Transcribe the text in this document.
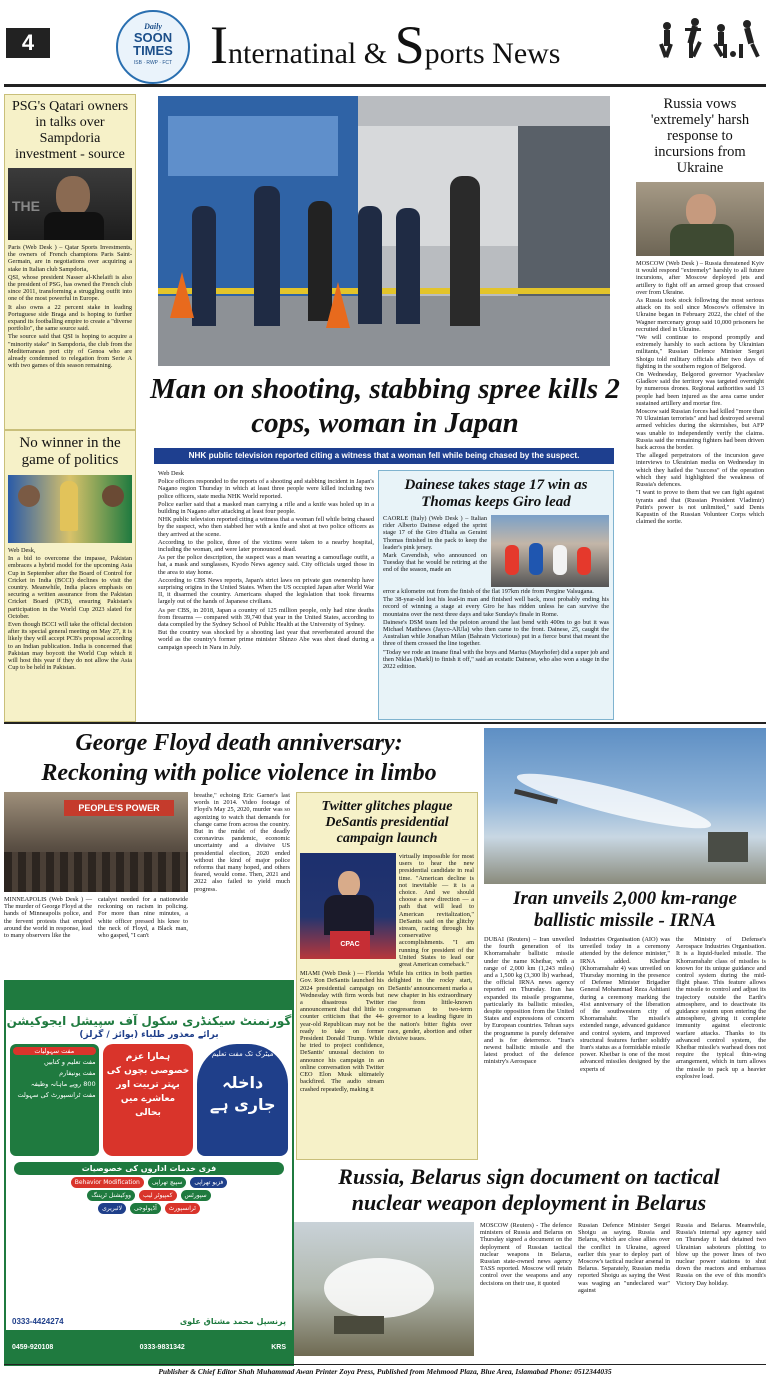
4
Daily
SOON TIMES
ISB · RWP · FCT Internatinal & Sports News
PSG's Qatari owners in talks over Sampdoria investment - source
THE

Paris (Web Desk ) – Qatar Sports Investments, the owners of French champions Paris Saint-Germain, are in negotiations over acquiring a stake in Italian club Sampdoria,

QSI, whose president Nasser al-Khelaifi is also the president of PSG, has owned the French club since 2011, transforming a struggling outfit into one of the most powerful in Europe.

It also owns a 22 percent stake in leading Portuguese side Braga and is hoping to further expand its footballing empire to create a "diverse portfolio", the same source said.

The source said that QSI is hoping to acquire a "minority stake" in Sampdoria, the club from the Mediterranean port city of Genoa who are already condemned to relegation from Serie A with two games of this season remaining.

No winner in the game of politics

Web Desk,

In a bid to overcome the impasse, Pakistan embraces a hybrid model for the upcoming Asia Cup in September after the Board of Control for Cricket in India (BCCI) declines to visit the country. Meanwhile, India places emphasis on securing a written assurance from the Pakistan Cricket Board (PCB), ensuring Pakistan's participation in the World Cup 2023 slated for October.

Even though BCCI will take the official decision after its special general meeting on May 27, it is likely they will accept PCB's proposal according to an Indian publication. India is concerned that Pakistan may boycott the World Cup which it will host this year if they do not allow the Asia Cup to be held in Pakistan.

Man on shooting, stabbing spree kills 2 cops, woman in Japan
NHK public television reported citing a witness that a woman fell while being chased by the suspect.

Web Desk

Police officers responded to the reports of a shooting and stabbing incident in Japan's Nagano region Thursday in which at least three people were killed including two police officers, state media NHK World reported.

Police earlier said that a masked man carrying a rifle and a knife was holed up in a building in Nagano after attacking at least four people.

NHK public television reported citing a witness that a woman fell while being chased by the suspect, who then stabbed her with a knife and shot at two police officers as they arrived at the scene.

According to the police, three of the victims were taken to a nearby hospital, including the woman, and were later pronounced dead.

As per the police description, the suspect was a man wearing a camouflage outfit, a hat, a mask and sunglasses, Kyodo News agency said. City officials urged those in the area to stay home.

According to CBS News reports, Japan's strict laws on private gun ownership have surprising origins in the United States. When the US occupied Japan after World War II, it disarmed the country. Americans shaped the legislation that took firearms largely out of the hands of Japanese civilians.

As per CBS, in 2018, Japan a country of 125 million people, only had nine deaths from firearms — compared with 39,740 that year in the United States, according to data compiled by the Sydney School of Public Health at the University of Sydney.

But the country was shocked by a shooting last year that reverberated around the world as the country's former prime minister Shinzo Abe was shot dead during a campaign speech in Nara in July.

Dainese takes stage 17 win as Thomas keeps Giro lead

CAORLE (Italy) (Web Desk ) – Italian rider Alberto Dainese edged the sprint stage 17 of the Giro d'Italia as Geraint Thomas finished in the pack to keep the leader's pink jersey.

Mark Cavendish, who announced on Tuesday that he would be retiring at the end of the season, made an

error a kilometre out from the finish of the flat 197km ride from Pergine Valsugana.

The 38-year-old lost his lead-in man and finished well back, most probably ending his record of winning a stage at every Giro he has ridden unless he can survive the mountains over the next three days and take Sunday's finale in Rome.

Dainese's DSM team led the peloton around the last bend with 400m to go but it was Michael Matthews (Jayco-AlUla) who then came to the front. Dainese, 25, caught the Australian while Jonathan Milan (Bahrain Victorious) put in a fierce burst that meant the three of them crossed the line together.

"Today we rode an insane final with the boys and Marius (Mayrhofer) did a super job and then Niklas (Markl) to finish it off," said an ecstatic Dainese, who also won a stage in the 2022 edition.

Russia vows 'extremely' harsh response to incursions from Ukraine

MOSCOW (Web Desk ) – Russia threatened Kyiv it would respond "extremely" harshly to all future incursions, after Moscow deployed jets and artillery to fight off an armed group that crossed over from Ukraine.

As Russia took stock following the most serious attack on its soil since Moscow's offensive in Ukraine began in February 2022, the chief of the Wagner mercenary group said 10,000 prisoners he recruited died in Ukraine.

"We will continue to respond promptly and extremely harshly to such actions by Ukrainian militants," Russian Defence Minister Sergei Shoigu told military officials after two days of fighting in the southern region of Belgorod.

On Wednesday, Belgorod governor Vyacheslav Gladkov said the territory was targeted overnight by numerous drones. Regional authorities said 13 people had been injured as the area came under sustained artillery and mortar fire.

Moscow said Russian forces had killed "more than 70 Ukrainian terrorists" and had destroyed several armed vehicles during the skirmishes, but AFP was unable to independently verify the claims. Russia said the remaining fighters had been driven back across the border.

The alleged perpetrators of the incursion gave interviews to Ukrainian media on Wednesday in which they hailed the "success" of the operation which they said highlighted the weakness of Russia's defences.

"I want to prove to them that we can fight against tyrants and that (Russian President Vladimir) Putin's power is not unlimited," said Denis Kapustin of the Russian Volunteer Corps which claimed the sortie.

George Floyd death anniversary:
Reckoning with police violence in limbo
PEOPLE'S POWER
MINNEAPOLIS (Web Desk ) — The murder of George Floyd at the hands of Minneapolis police, and the fervent protests that erupted around the world in response, lead to many observers like the
catalyst needed for a nationwide reckoning on racism in policing. For more than nine minutes, a white officer pressed his knee to the neck of Floyd, a Black man, who gasped, "I can't
breathe," echoing Eric Garner's last words in 2014. Video footage of Floyd's May 25, 2020, murder was so agonizing to watch that demands for change came from across the country. But in the midst of the deadly coronavirus pandemic, economic uncertainty and a divisive US presidential election, 2020 ended without the kind of major police reforms that many hoped, and others feared, would come. Then, 2021 and 2022 also failed to yield much progress.
Twitter glitches plague DeSantis presidential campaign launch
CPAC
virtually impossible for most users to hear the new presidential candidate in real time. "American decline is not inevitable — it is a choice. And we should choose a new direction — a path that will lead to American revitalization," DeSantis said on the glitchy stream, racing through his conservative accomplishments. "I am running for president of the United States to lead our great American comeback."
MIAMI (Web Desk ) — Florida Gov. Ron DeSantis launched his 2024 presidential campaign on Wednesday with firm words but a disastrous Twitter announcement that did little to counter criticism that the 44-year-old Republican may not be ready to take on former President Donald Trump. While he tried to project confidence, DeSantis' unusual decision to announce his campaign in an online conversation with Twitter CEO Elon Musk ultimately backfired. The audio stream crashed repeatedly, making it
While his critics in both parties delighted in the rocky start, DeSantis' announcement marks a new chapter in his extraordinary rise from little-known congressman to two-term governor to a leading figure in the nation's bitter fights over race, gender, abortion and other divisive issues.
Iran unveils 2,000 km-range ballistic missile - IRNA
DUBAI (Reuters) – Iran unveiled the fourth generation of its Khorramshahr ballistic missile under the name Kheibar, with a range of 2,000 km (1,243 miles) and a 1,500 kg (3,300 lb) warhead, the official IRNA news agency reported on Thursday. Iran has expanded its missile programme, particularly its ballistic missiles, despite opposition from the United States and expressions of concern by European countries. Tehran says the programme is purely defensive and is for deterrence. "Iran's newest ballistic missile and the latest product of the defence ministry's Aerospace
Industries Organisation (AIO) was unveiled today in a ceremony attended by the defence minister," IRNA added. Kheibar (Khorramshahr 4) was unveiled on Thursday morning in the presence of Defense Minister Brigadier General Mohammad Reza Ashtiani during a ceremony marking the 41st anniversary of the liberation of the southwestern city of Khorramshahr. The missile's extended range, advanced guidance and control system, and improved structural features further solidify Iran's status as a formidable missile power. Kheibar is one of the most advanced missiles designed by the experts of
the Ministry of Defense's Aerospace Industries Organisation. It is a liquid-fueled missile. The Khorramshahr class of missiles is known for its unique guidance and control system during the mid-flight phase. This feature allows the missile to control and adjust its trajectory outside the Earth's atmosphere, and to deactivate its guidance system upon entering the atmosphere, giving it complete immunity against electronic warfare attacks. Thanks to its advanced control system, the Kheibar missile's warhead does not require the typical thin-wing arrangement, which in turn allows the missile to pack up a heavier explosive load.
گورنمنٹ سیکنڈری سکول آف سپیشل ایجوکیشن
برائے معذور طلباء (بوائز / گرلز)
مفت سہولیات
مفت تعلیم و کتابیں
مفت یونیفارم
800 روپے ماہانہ وظیفہ
مفت ٹرانسپورٹ کی سہولت
ہمارا عزم خصوصی بچوں کی بہتر تربیت اور معاشرے میں بحالی
میٹرک تک مفت تعلیم
داخلہ جاری ہے
فری خدمات اداروں کی خصوصیات
Behavior Modification	سپیچ تھراپی	فزیو تھراپی
ووکیشنل ٹریننگ	کمپیوٹر لیب	سپورٹس
لائبریری	آڈیولوجی	ٹرانسپورٹ
0333-4424274	پرنسپل محمد مشتاق علوی
0459-920108	0333-9831342	KRS
Russia, Belarus sign document on tactical
nuclear weapon deployment in Belarus
MOSCOW (Reuters) - The defence ministers of Russia and Belarus on Thursday signed a document on the deployment of Russian tactical nuclear weapons in Belarus, Russian state-owned news agency TASS reported. Moscow will retain control over the weapons and any decisions on their use, it quoted
Russian Defence Minister Sergei Shoigu as saying. Russia and Belarus, which are close allies over the conflict in Ukraine, agreed earlier this year to deploy part of Moscow's tactical nuclear arsenal in Belarus. Separately, Russian media reported Shoigu as saying the West was waging an "undeclared war" against
Russia and Belarus. Meanwhile, Russia's internal spy agency said on Thursday it had detained two Ukrainian saboteurs plotting to blow up the power lines of two nuclear power stations to shut down the reactors and embarrass Russia on the eve of this month's Victory Day holiday.
Publisher & Chief Editor Shah Muhammad Awan Printer Zoya Press, Published from Mehmood Plaza, Blue Area, Islamabad Phone: 0512344035
